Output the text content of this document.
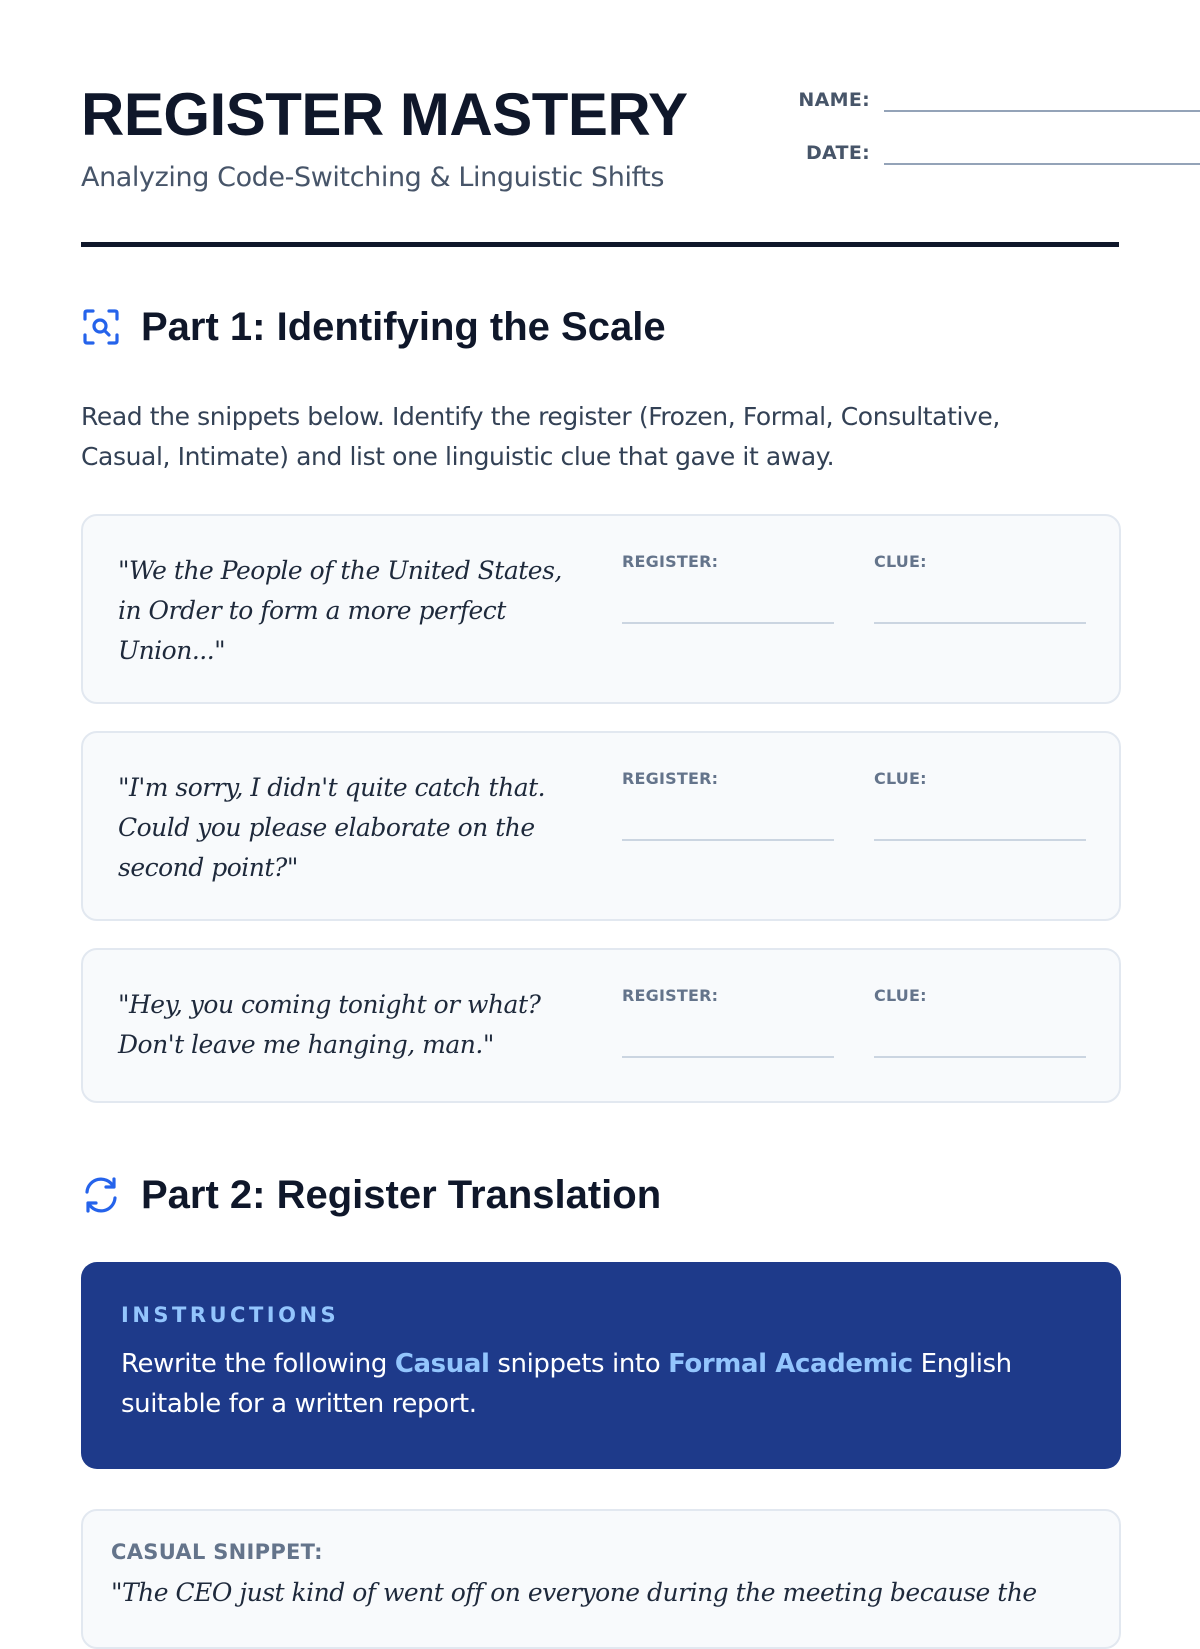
REGISTER MASTERY
Analyzing Code-Switching & Linguistic Shifts
NAME:
DATE:
Part 1: Identifying the Scale
Read the snippets below. Identify the register (Frozen, Formal, Consultative, Casual, Intimate) and list one linguistic clue that gave it away.
"We the People of the United States, in Order to form a more perfect Union..."
REGISTER:	CLUE:
"I'm sorry, I didn't quite catch that. Could you please elaborate on the second point?"
REGISTER:	CLUE:
"Hey, you coming tonight or what? Don't leave me hanging, man."
REGISTER:	CLUE:
Part 2: Register Translation
INSTRUCTIONS
Rewrite the following Casual snippets into Formal Academic English suitable for a written report.
CASUAL SNIPPET:
"The CEO just kind of went off on everyone during the meeting because the
